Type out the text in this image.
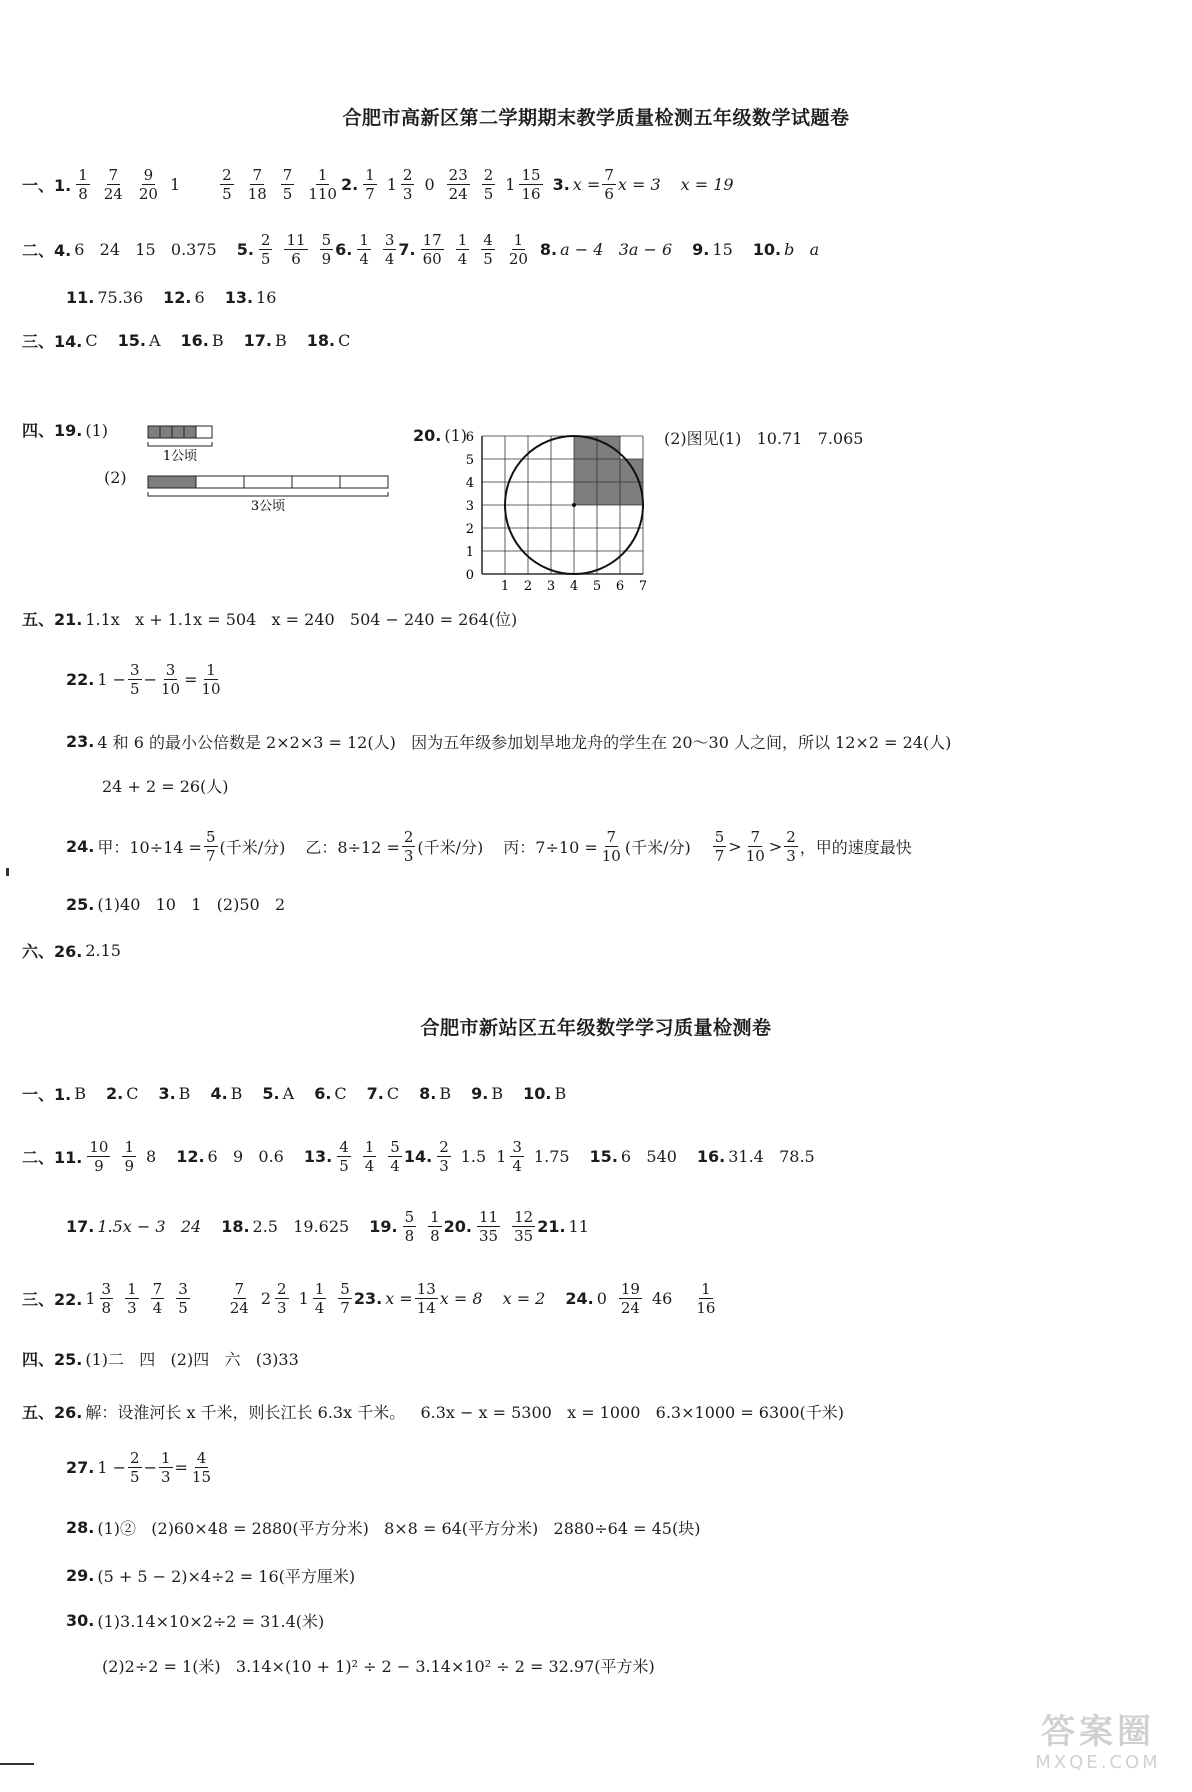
合肥市高新区第二学期期末教学质量检测五年级数学试题卷
一、1. $\frac{1}{8} \frac{7}{24} \frac{9}{20} 1$	$\frac{2}{5} \frac{7}{18} \frac{7}{5} \frac{1}{110} 2$. $\frac{1}{7} 1 \frac{2}{3} 0 \frac{23}{24} \frac{2}{5} 1 \frac{15}{16} 3$. $x = \frac{7}{6}$ x = 3 x = 19
二、4. 6   24   15   0.375 5. $\frac{2}{5} \frac{11}{6} \frac{5}{9} 6$. $\frac{1}{4} \frac{3}{4} 7$. $\frac{17}{60} \frac{1}{4} \frac{4}{5} \frac{1}{20} 8$. a − 4   3a − 6 9. 15 10. b   a
11. 75.36 12. 6 13. 16
三、14. C 15. A 16. B 17. B 18. C
四、19. (1)
1公顷
3公顷
(2)
20. (1)
6
5
4
3
2
1
0
1 2 3 4 5 6 7
(2)图见(1)   10.71   7.065
五、21. 1.1x   x + 1.1x = 504   x = 240   504 − 240 = 264(位)
22. $1 - \frac{3}{5} - \frac{3}{10} = \frac{1}{10}$
23. 4 和 6 的最小公倍数是 2×2×3 = 12(人)   因为五年级参加划旱地龙舟的学生在 20～30 人之间，所以 12×2 = 24(人)
24 + 2 = 26(人)
24. 甲：$10\div 14 = \frac{5}{7}$ (千米/分) 乙：$8\div 12 = \frac{2}{3}$ (千米/分) 丙：$7\div 10 = \frac{7}{10}$ (千米/分) $\frac{5}{7} > \frac{7}{10} > \frac{2}{3}$ ，甲的速度最快
25. (1)40   10   1   (2)50   2
六、26. 2.15
合肥市新站区五年级数学学习质量检测卷
一、1. B 2. C 3. B 4. B 5. A 6. C 7. C 8. B 9. B 10. B
二、11. $\frac{10}{9} \frac{1}{9} 8$ 12. 6   9   0.6 13. $\frac{4}{5} \frac{1}{4} \frac{5}{4} 14$. $\frac{2}{3} 1.5$ $1 \frac{3}{4} 1.75$ 15. 6   540 16. 31.4   78.5
17. 1.5x − 3   24 18. 2.5   19.625 19. $\frac{5}{8} \frac{1}{8} 20$. $\frac{11}{35} \frac{12}{35} 21$. 11
三、22. $1 \frac{3}{8} \frac{1}{3} \frac{7}{4} \frac{3}{5}$	$\frac{7}{24} 2 \frac{2}{3} 1 \frac{1}{4} \frac{5}{7} 23$. $x = \frac{13}{14}$ x = 8 x = 2 24. $0 \frac{19}{24} 46 \frac{1}{16}$
四、25. (1)二   四   (2)四   六   (3)33
五、26. 解：设淮河长 x 千米，则长江长 6.3x 千米。   6.3x − x = 5300   x = 1000   6.3×1000 = 6300(千米)
27. $1 - \frac{2}{5} - \frac{1}{3} = \frac{4}{15}$
28. (1)②   (2)60×48 = 2880(平方分米)   8×8 = 64(平方分米)   2880÷64 = 45(块)
29. (5 + 5 − 2)×4÷2 = 16(平方厘米)
30. (1)3.14×10×2÷2 = 31.4(米)
(2)2÷2 = 1(米)   3.14×(10 + 1)² ÷ 2 − 3.14×10² ÷ 2 = 32.97(平方米)
答案圈
MXQE.COM
